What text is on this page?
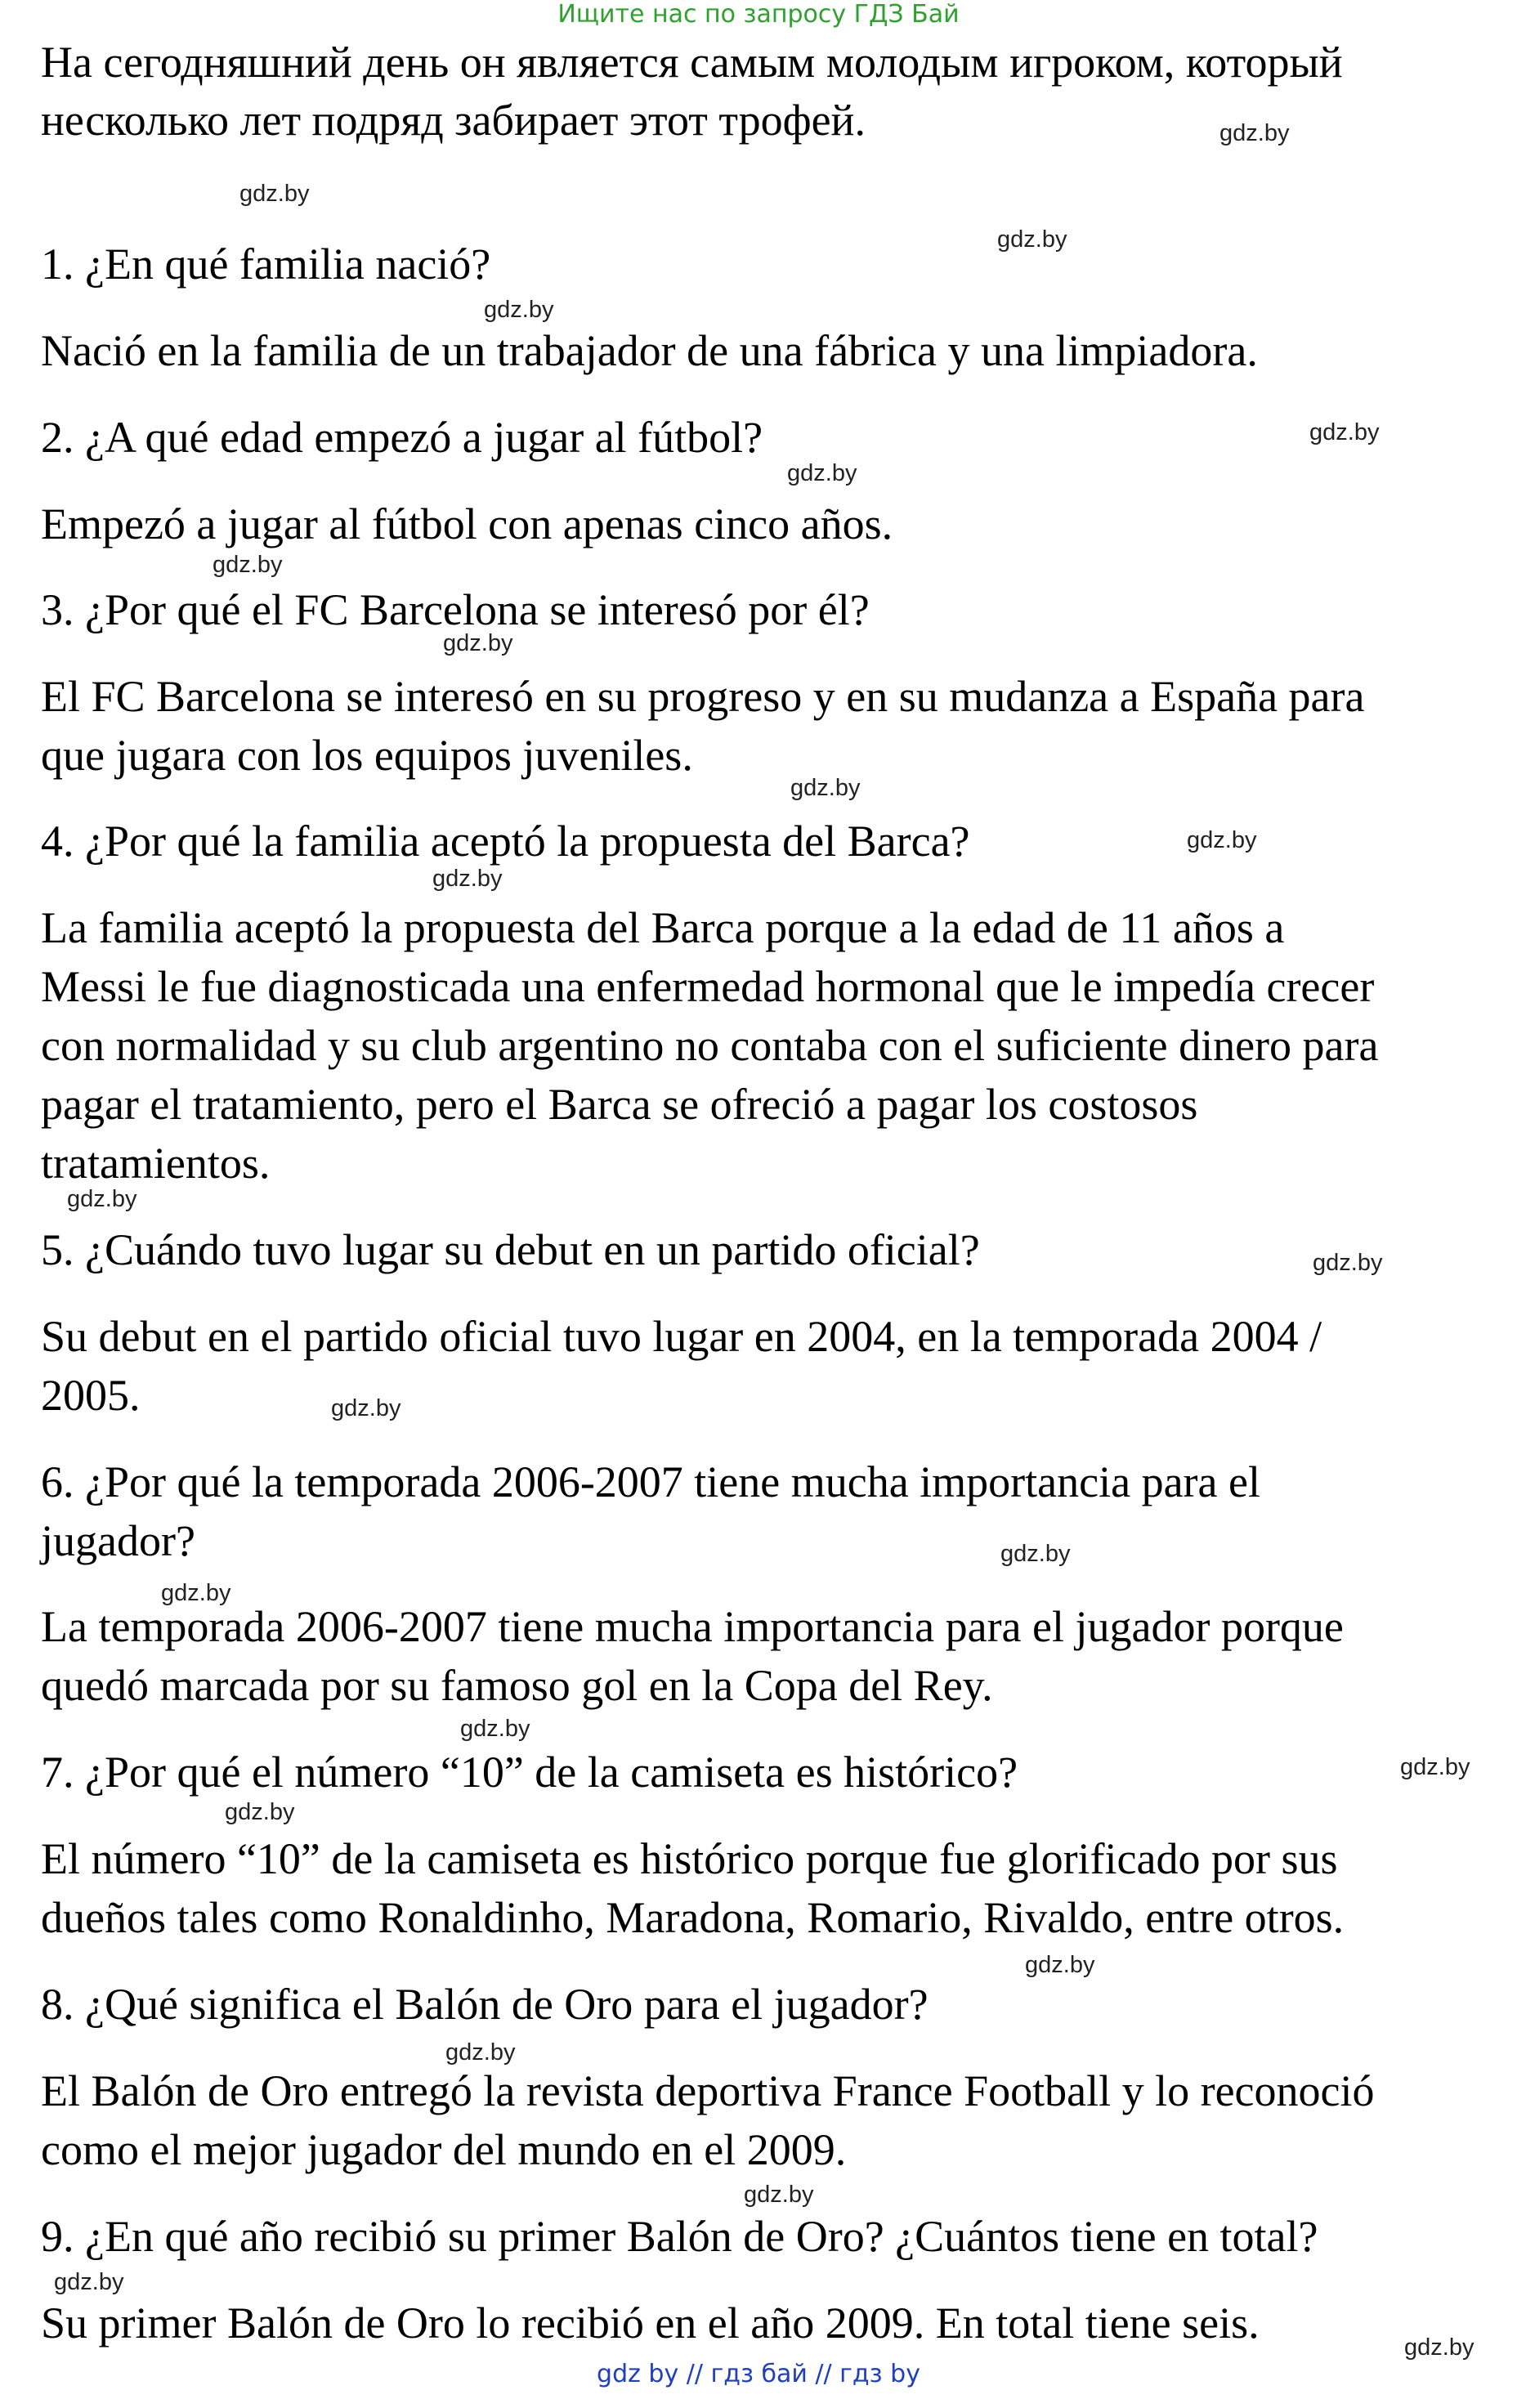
Ищите нас по запросу ГДЗ Бай
На сегодняшний день он является самым молодым игроком, который
несколько лет подряд забирает этот трофей.
1. ¿En qué familia nació?
Nació en la familia de un trabajador de una fábrica y una limpiadora.
2. ¿A qué edad empezó a jugar al fútbol?
Empezó a jugar al fútbol con apenas cinco años.
3. ¿Por qué el FC Barcelona se interesó por él?
El FC Barcelona se interesó en su progreso y en su mudanza a España para
que jugara con los equipos juveniles.
4. ¿Por qué la familia aceptó la propuesta del Barca?
La familia aceptó la propuesta del Barca porque a la edad de 11 años a
Messi le fue diagnosticada una enfermedad hormonal que le impedía crecer
con normalidad y su club argentino no contaba con el suficiente dinero para
pagar el tratamiento, pero el Barca se ofreció a pagar los costosos
tratamientos.
5. ¿Cuándo tuvo lugar su debut en un partido oficial?
Su debut en el partido oficial tuvo lugar en 2004, en la temporada 2004 /
2005.
6. ¿Por qué la temporada 2006-2007 tiene mucha importancia para el
jugador?
La temporada 2006-2007 tiene mucha importancia para el jugador porque
quedó marcada por su famoso gol en la Copa del Rey.
7. ¿Por qué el número “10” de la camiseta es histórico?
El número “10” de la camiseta es histórico porque fue glorificado por sus
dueños tales como Ronaldinho, Maradona, Romario, Rivaldo, entre otros.
8. ¿Qué significa el Balón de Oro para el jugador?
El Balón de Oro entregó la revista deportiva France Football y lo reconoció
como el mejor jugador del mundo en el 2009.
9. ¿En qué año recibió su primer Balón de Oro? ¿Cuántos tiene en total?
Su primer Balón de Oro lo recibió en el año 2009. En total tiene seis.
gdz.by
gdz.by
gdz.by
gdz.by
gdz.by
gdz.by
gdz.by
gdz.by
gdz.by
gdz.by
gdz.by
gdz.by
gdz.by
gdz.by
gdz.by
gdz.by
gdz.by
gdz.by
gdz.by
gdz.by
gdz.by
gdz.by
gdz.by
gdz.by
gdz by // гдз бай // гдз by
